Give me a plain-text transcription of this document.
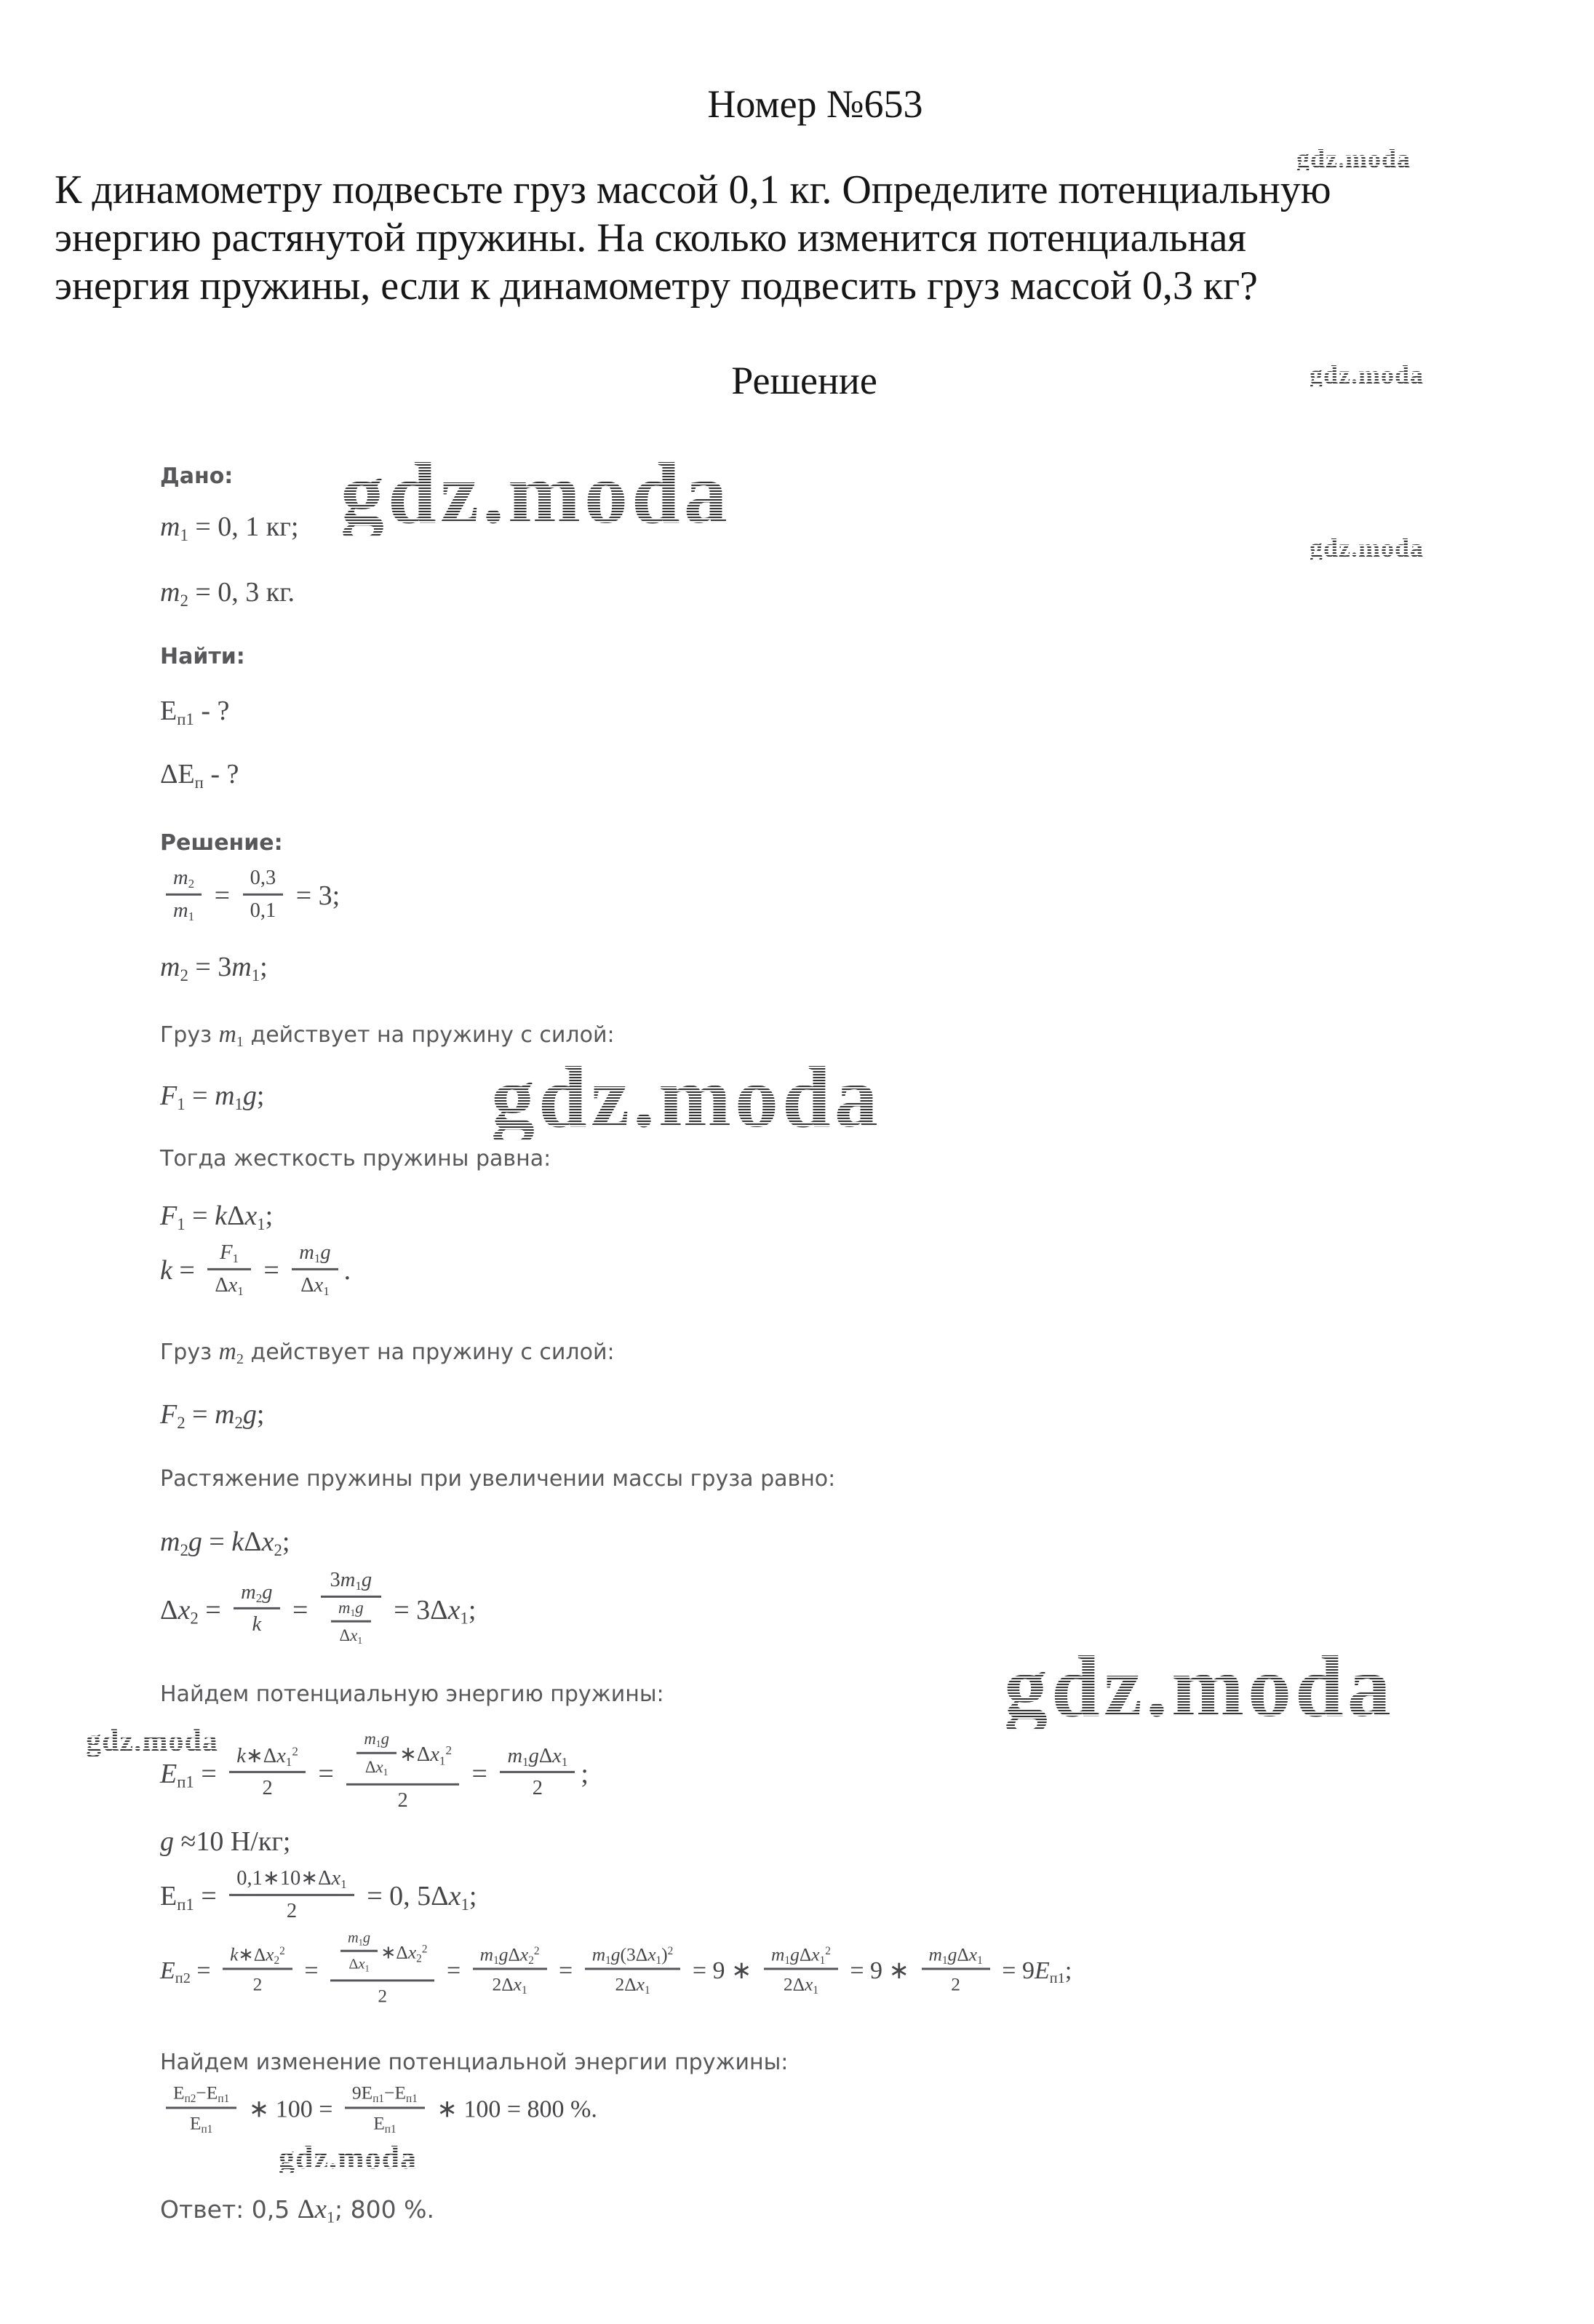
gdz.moda
gdz.moda
gdz.moda
gdz.moda
gdz.moda
gdz.moda
gdz.moda
gdz.moda
Номер №653
К динамометру подвесьте груз массой 0,1 кг. Определите потенциальную
энергию растянутой пружины. На сколько изменится потенциальная
энергия пружины, если к динамометру подвесить груз массой 0,3 кг?
Решение
Дано:
$m_1 = 0$, 1 кг;
$m_2 = 0$, 3 кг.
Найти:
$E_{п1}$ - ?
$\Delta E_п$ - ?
Решение:
$\frac{m_2}{m_1} = \frac{0,3}{0,1} = 3$;
$m_2 = 3m_1$;
Груз $m_1$ действует на пружину с силой:
$F_1 = m_1g$;
Тогда жесткость пружины равна:
$F_1 = k\Delta x_1$;
$k = \frac{F_1}{\Delta x_1} = \frac{m_1g}{\Delta x_1}$ .
Груз $m_2$ действует на пружину с силой:
$F_2 = m_2g$;
Растяжение пружины при увеличении массы груза равно:
$m_2g = k\Delta x_2$;
$\Delta x_2 = \frac{m_2g}{k} = \frac{3m_1g}{\frac{m_1g}{\Delta x_1}} = 3\Delta x_1$;
Найдем потенциальную энергию пружины:
$E_{п1} = \frac{k∗\Delta x_1^2}{2} = \frac{\frac{m_1g}{\Delta x_1} ∗\Delta x_1^2}{2} = \frac{m_1g\Delta x_1}{2}$ ;
g ≈10 Н/кг;
$E_{п1} = \frac{0,1∗10∗\Delta x_1}{2} = 0$, $5\Delta x_1$;
$E_{п2} = \frac{k∗\Delta x_2^2}{2} = \frac{\frac{m_1g}{\Delta x_1} ∗\Delta x_2^2}{2} = \frac{m_1g\Delta x_2^2}{2\Delta x_1} = \frac{m_1g(3\Delta x_1)^2}{2\Delta x_1} = 9$ ∗ $\frac{m_1g\Delta x_1^2}{2\Delta x_1} = 9$ ∗ $\frac{m_1g\Delta x_1}{2} = 9E_{п1}$;
Найдем изменение потенциальной энергии пружины:
$\frac{E_{п2}-E_{п1}}{E_{п1}}$ ∗ $100 = \frac{9E_{п1}-E_{п1}}{E_{п1}}$ ∗ 100 = 800 %.
Ответ: 0,5 $\Delta x_1$; 800 %.
